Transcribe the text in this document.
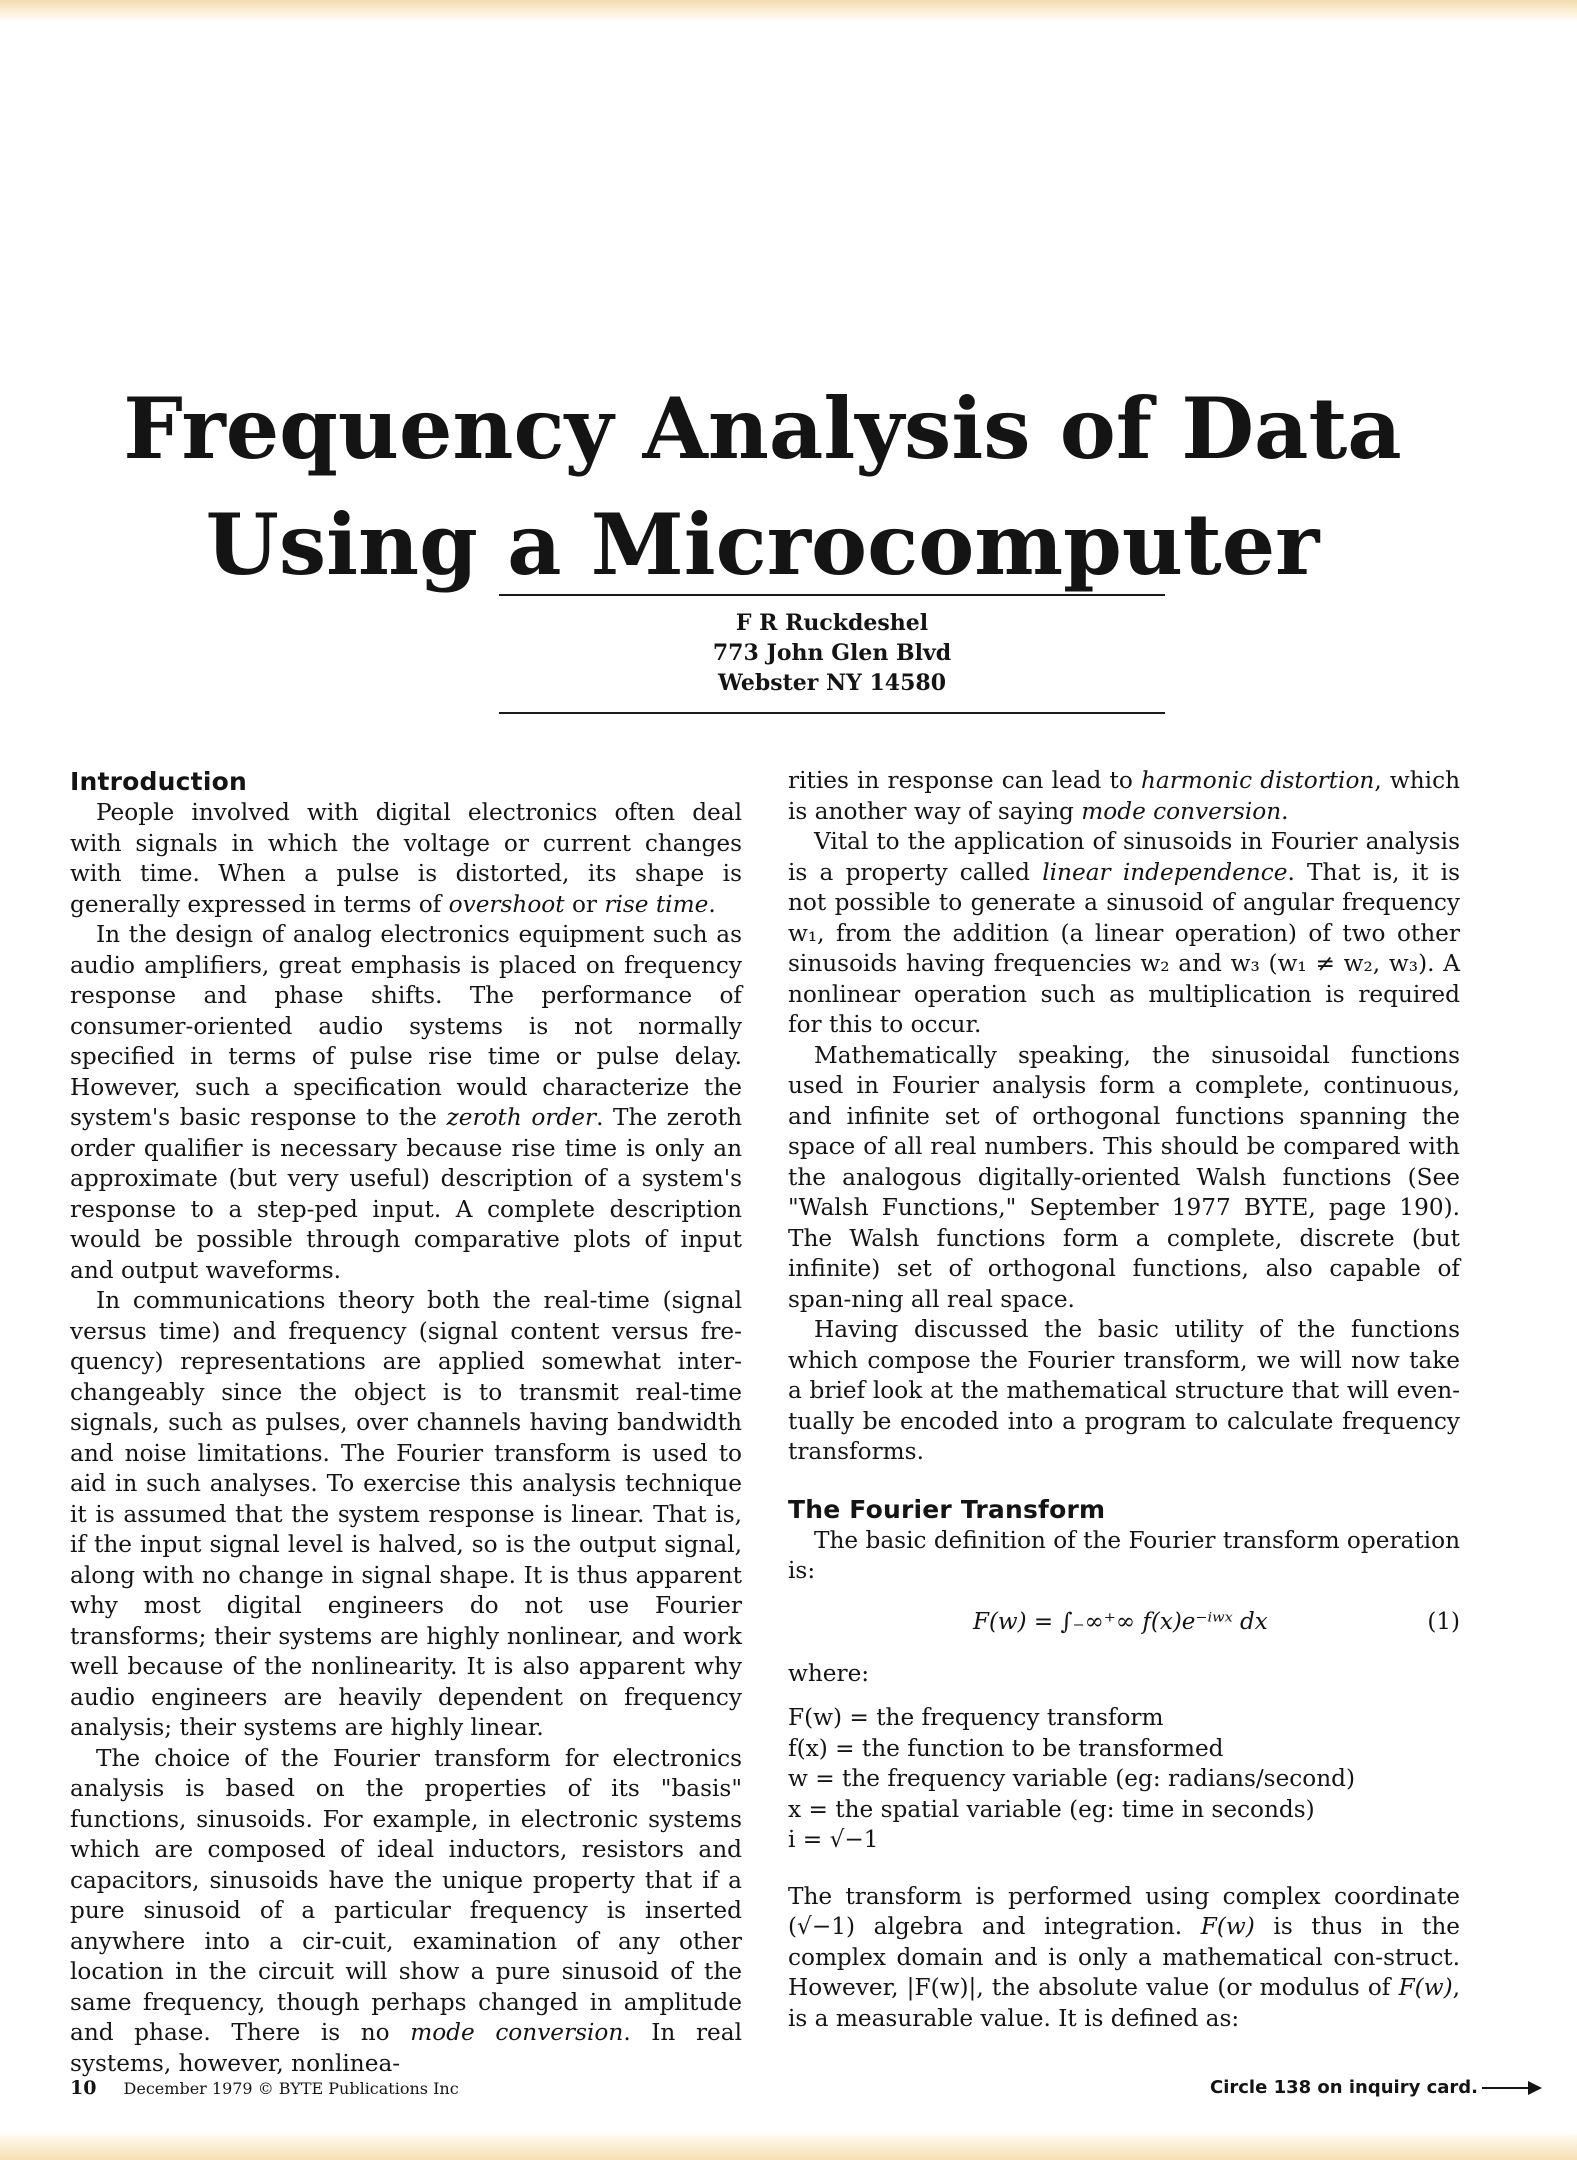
Frequency Analysis of Data
Using a Microcomputer
F R Ruckdeshel
773 John Glen Blvd
Webster NY 14580
Introduction

People involved with digital electronics often deal with signals in which the voltage or current changes with time. When a pulse is distorted, its shape is generally expressed in terms of overshoot or rise time.

In the design of analog electronics equipment such as audio amplifiers, great emphasis is placed on frequency response and phase shifts. The performance of consumer-oriented audio systems is not normally specified in terms of pulse rise time or pulse delay. However, such a specification would characterize the system's basic response to the zeroth order. The zeroth order qualifier is necessary because rise time is only an approximate (but very useful) description of a system's response to a step-ped input. A complete description would be possible through comparative plots of input and output waveforms.

In communications theory both the real-time (signal versus time) and frequency (signal content versus fre-quency) representations are applied somewhat inter-changeably since the object is to transmit real-time signals, such as pulses, over channels having bandwidth and noise limitations. The Fourier transform is used to aid in such analyses. To exercise this analysis technique it is assumed that the system response is linear. That is, if the input signal level is halved, so is the output signal, along with no change in signal shape. It is thus apparent why most digital engineers do not use Fourier transforms; their systems are highly nonlinear, and work well because of the nonlinearity. It is also apparent why audio engineers are heavily dependent on frequency analysis; their systems are highly linear.

The choice of the Fourier transform for electronics analysis is based on the properties of its "basis" functions, sinusoids. For example, in electronic systems which are composed of ideal inductors, resistors and capacitors, sinusoids have the unique property that if a pure sinusoid of a particular frequency is inserted anywhere into a cir-cuit, examination of any other location in the circuit will show a pure sinusoid of the same frequency, though perhaps changed in amplitude and phase. There is no mode conversion. In real systems, however, nonlinea-

rities in response can lead to harmonic distortion, which is another way of saying mode conversion.

Vital to the application of sinusoids in Fourier analysis is a property called linear independence. That is, it is not possible to generate a sinusoid of angular frequency w₁, from the addition (a linear operation) of two other sinusoids having frequencies w₂ and w₃ (w₁ ≠ w₂, w₃). A nonlinear operation such as multiplication is required for this to occur.

Mathematically speaking, the sinusoidal functions used in Fourier analysis form a complete, continuous, and infinite set of orthogonal functions spanning the space of all real numbers. This should be compared with the analogous digitally-oriented Walsh functions (See "Walsh Functions," September 1977 BYTE, page 190). The Walsh functions form a complete, discrete (but infinite) set of orthogonal functions, also capable of span-ning all real space.

Having discussed the basic utility of the functions which compose the Fourier transform, we will now take a brief look at the mathematical structure that will even-tually be encoded into a program to calculate frequency transforms.

The Fourier Transform

The basic definition of the Fourier transform operation is:

F(w) = ∫₋∞⁺∞ f(x)e⁻ⁱʷˣ dx	(1)

where:

F(w) = the frequency transform
f(x) = the function to be transformed
w = the frequency variable (eg: radians/second)
x = the spatial variable (eg: time in seconds)
i = √−1

The transform is performed using complex coordinate (√−1) algebra and integration. F(w) is thus in the complex domain and is only a mathematical con-struct. However, |F(w)|, the absolute value (or modulus of F(w), is a measurable value. It is defined as:

10 December 1979 © BYTE Publications Inc	Circle 138 on inquiry card.
